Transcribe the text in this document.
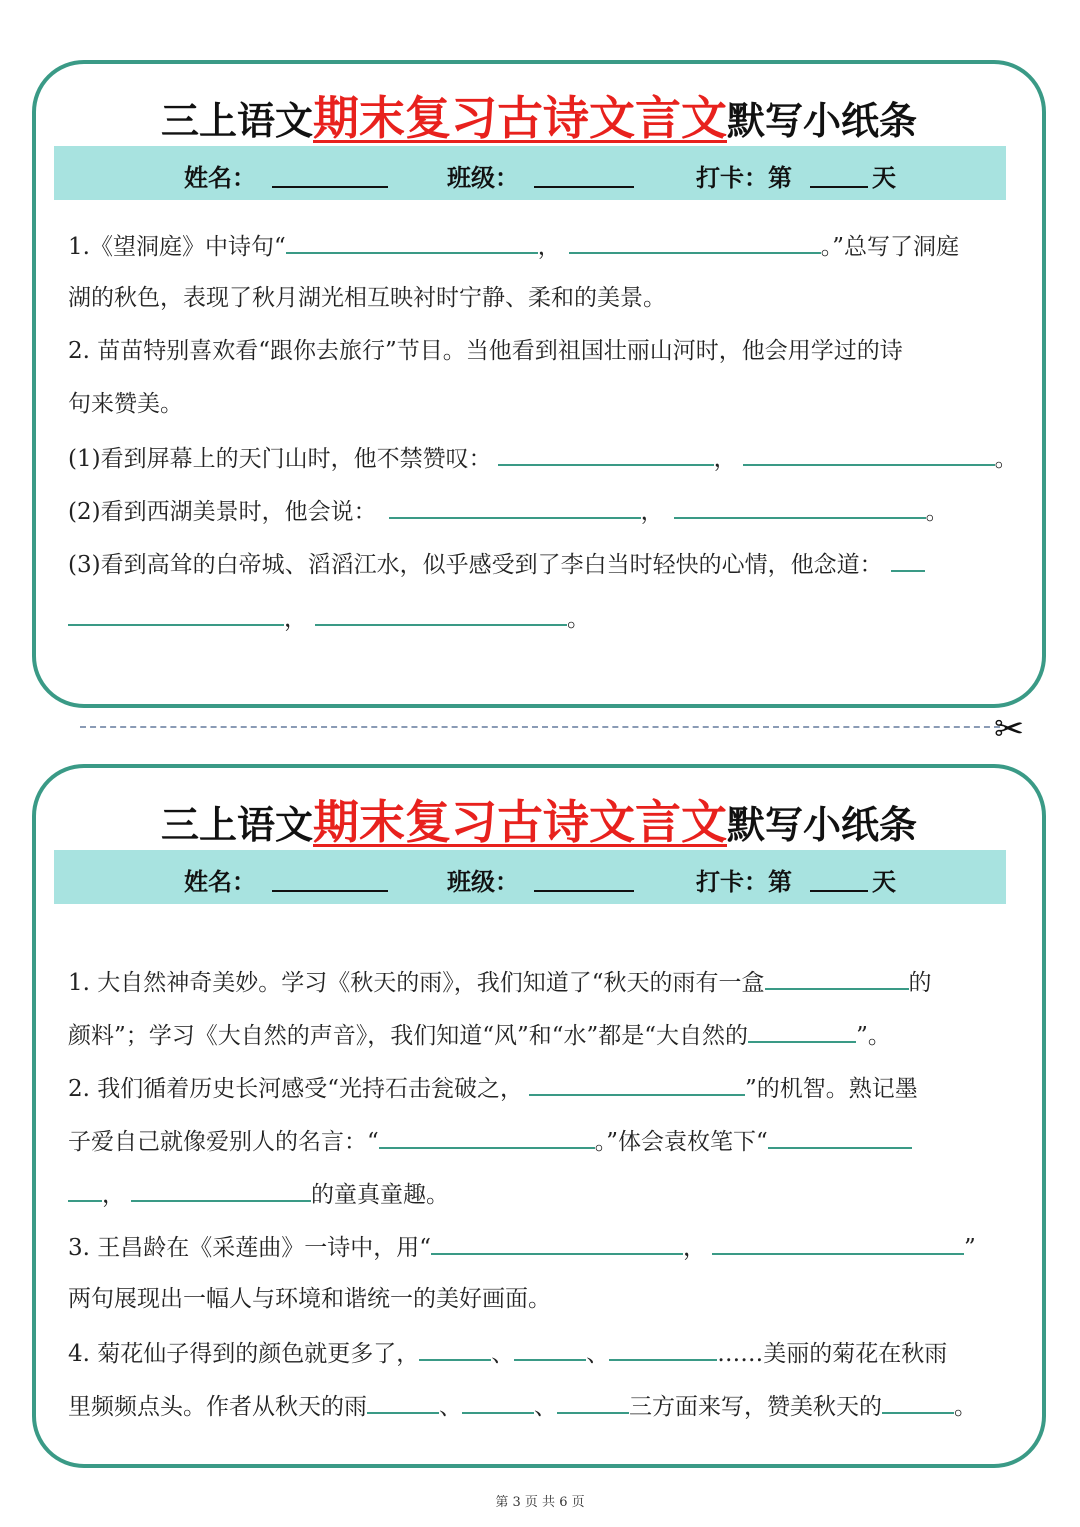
三上语文期末复习古诗文言文默写小纸条
姓名：	班级：	打卡：第	天
1.《望洞庭》中诗句“	，	。”总写了洞庭
湖的秋色，表现了秋月湖光相互映衬时宁静、柔和的美景。
2. 苗苗特别喜欢看“跟你去旅行”节目。当他看到祖国壮丽山河时，他会用学过的诗
句来赞美。
(1)看到屏幕上的天门山时，他不禁赞叹：	，	。
(2)看到西湖美景时，他会说：	，	。
(3)看到高耸的白帝城、滔滔江水，似乎感受到了李白当时轻快的心情，他念道：
，	。
✂
三上语文期末复习古诗文言文默写小纸条
姓名：	班级：	打卡：第	天
1. 大自然神奇美妙。学习《秋天的雨》，我们知道了“秋天的雨有一盒	的
颜料”；学习《大自然的声音》，我们知道“风”和“水”都是“大自然的	”。
2. 我们循着历史长河感受“光持石击瓮破之，	”的机智。熟记墨
子爱自己就像爱别人的名言：“	。”体会袁枚笔下“
，	的童真童趣。
3. 王昌龄在《采莲曲》一诗中，用“	，	”
两句展现出一幅人与环境和谐统一的美好画面。
4. 菊花仙子得到的颜色就更多了，	、	、	……美丽的菊花在秋雨
里频频点头。作者从秋天的雨	、	、	三方面来写，赞美秋天的	。
第 3 页 共 6 页
